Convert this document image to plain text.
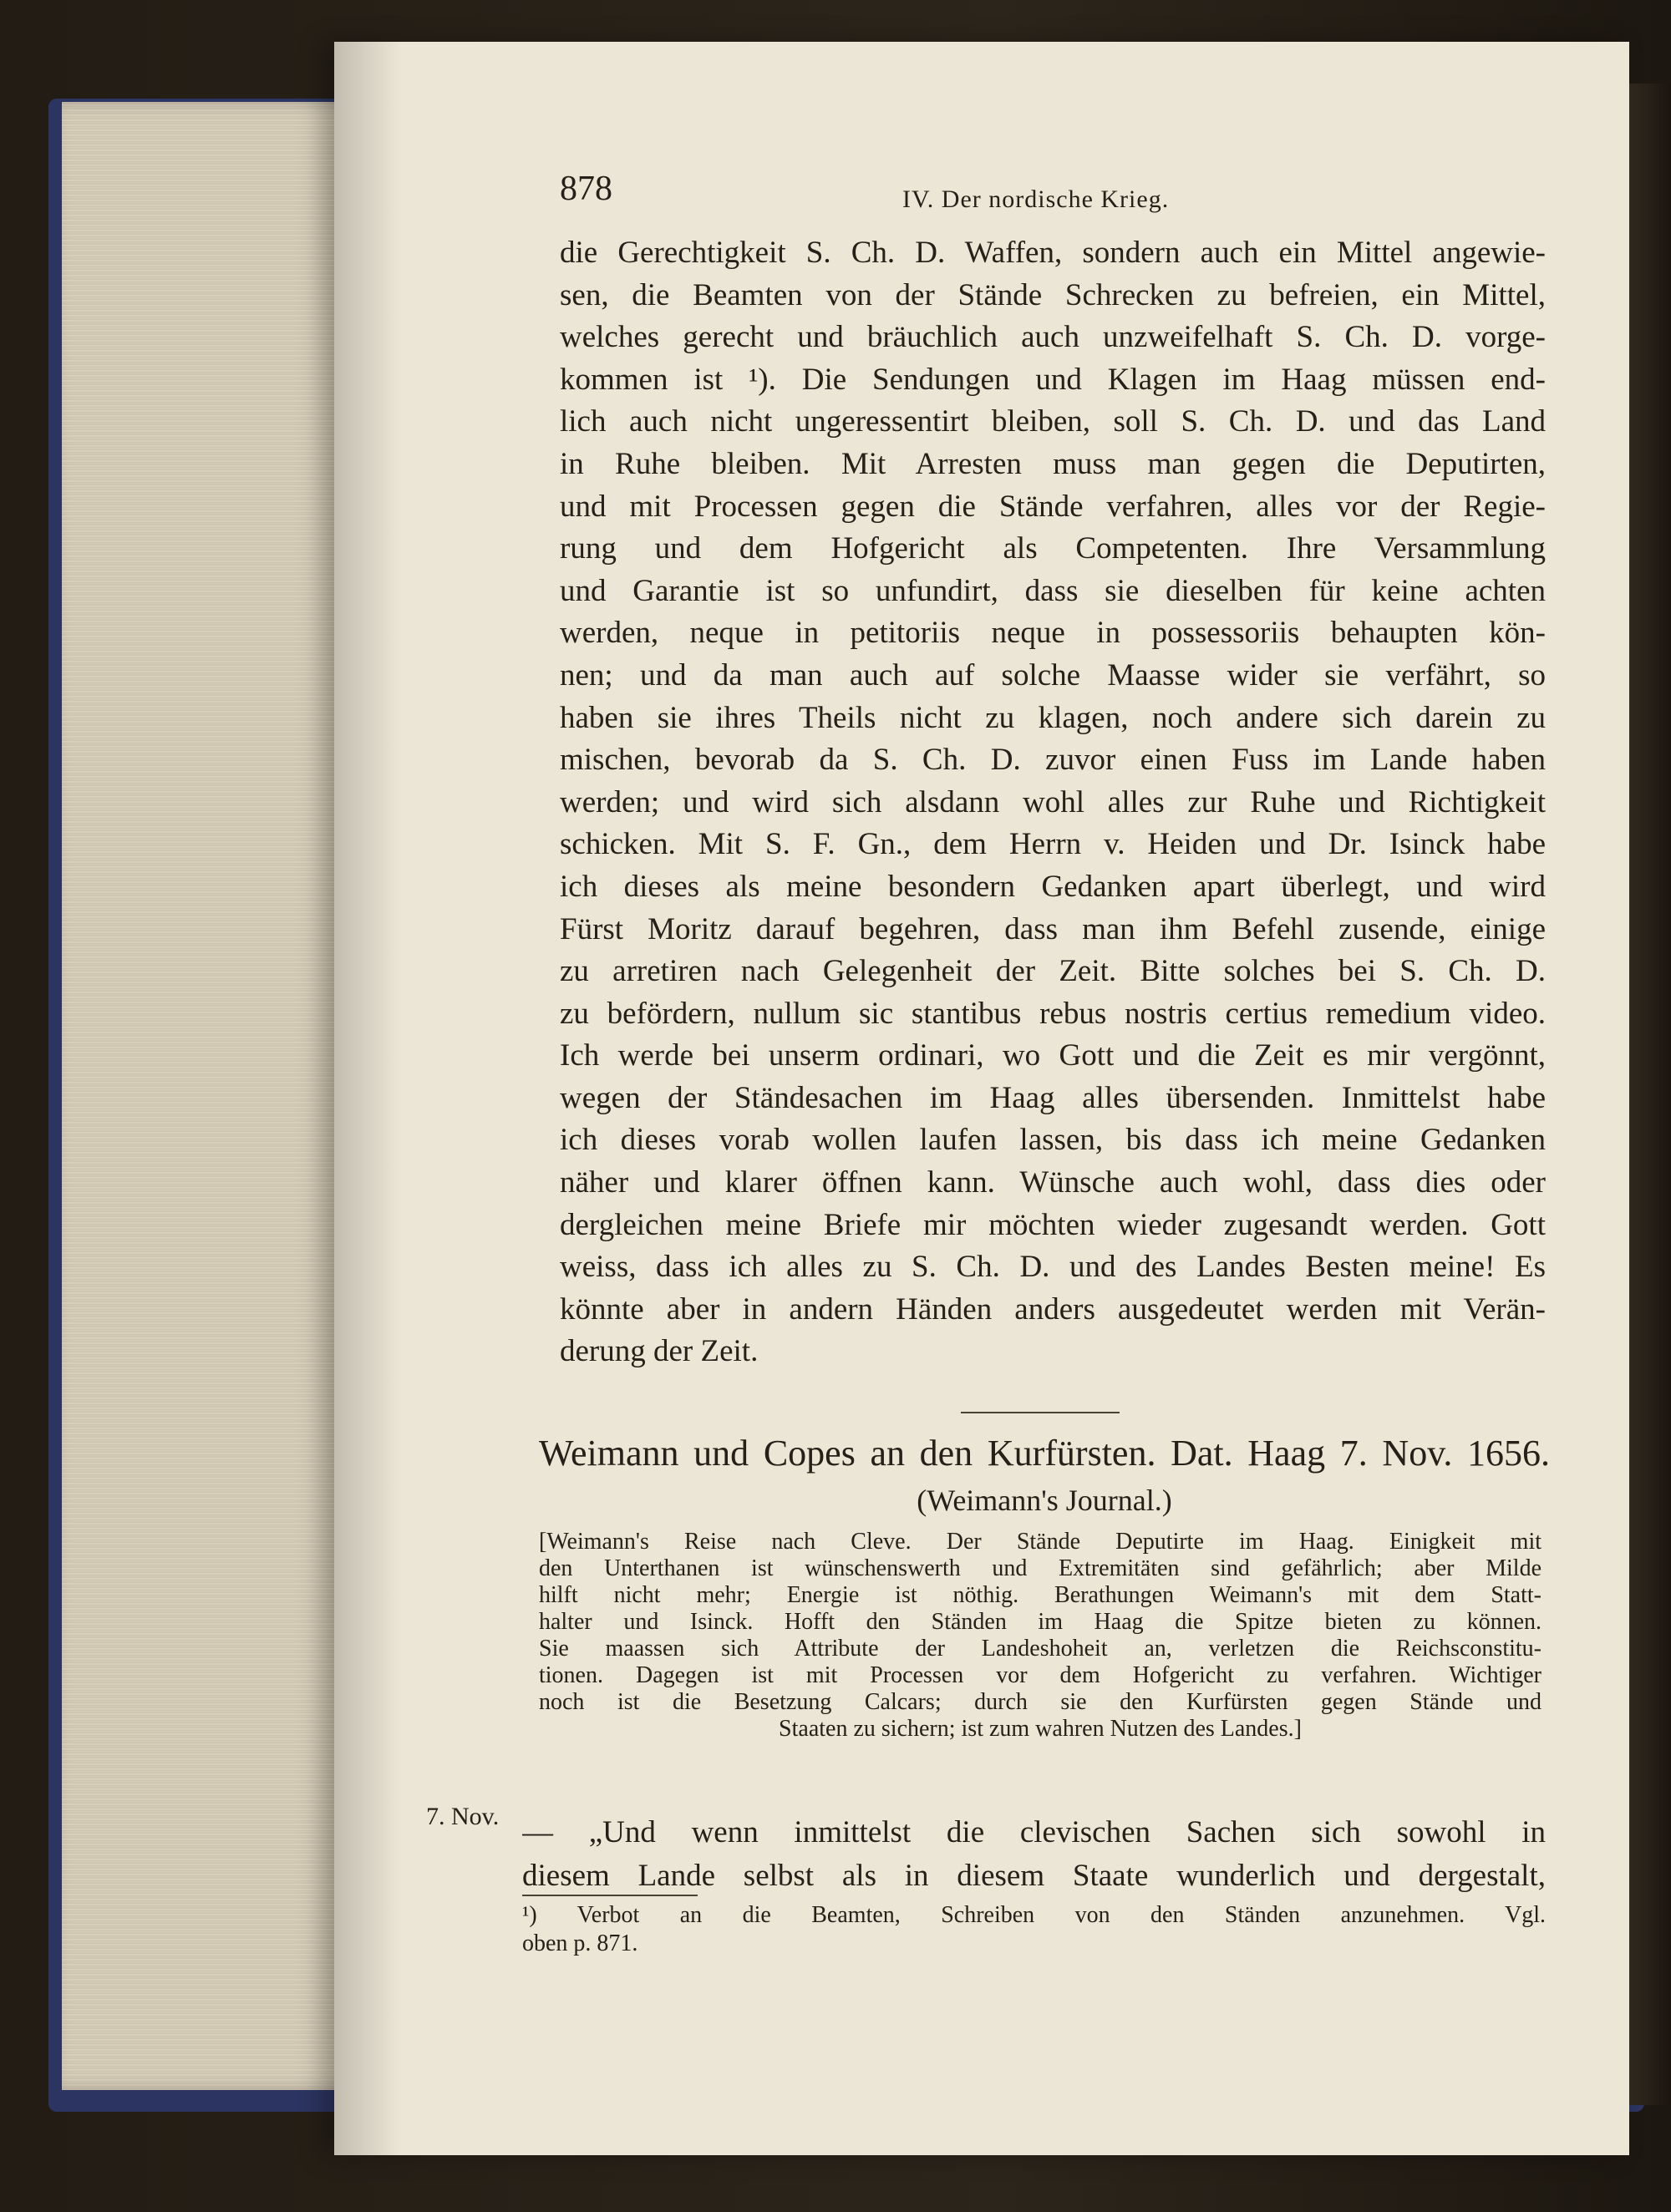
878	IV. Der nordische Krieg.
die Gerechtigkeit S. Ch. D. Waffen, sondern auch ein Mittel angewie-
sen, die Beamten von der Stände Schrecken zu befreien, ein Mittel,
welches gerecht und bräuchlich auch unzweifelhaft S. Ch. D. vorge-
kommen ist ¹). Die Sendungen und Klagen im Haag müssen end-
lich auch nicht ungeressentirt bleiben, soll S. Ch. D. und das Land
in Ruhe bleiben. Mit Arresten muss man gegen die Deputirten,
und mit Processen gegen die Stände verfahren, alles vor der Regie-
rung und dem Hofgericht als Competenten. Ihre Versammlung
und Garantie ist so unfundirt, dass sie dieselben für keine achten
werden, neque in petitoriis neque in possessoriis behaupten kön-
nen; und da man auch auf solche Maasse wider sie verfährt, so
haben sie ihres Theils nicht zu klagen, noch andere sich darein zu
mischen, bevorab da S. Ch. D. zuvor einen Fuss im Lande haben
werden; und wird sich alsdann wohl alles zur Ruhe und Richtigkeit
schicken. Mit S. F. Gn., dem Herrn v. Heiden und Dr. Isinck habe
ich dieses als meine besondern Gedanken apart überlegt, und wird
Fürst Moritz darauf begehren, dass man ihm Befehl zusende, einige
zu arretiren nach Gelegenheit der Zeit. Bitte solches bei S. Ch. D.
zu befördern, nullum sic stantibus rebus nostris certius remedium video.
Ich werde bei unserm ordinari, wo Gott und die Zeit es mir vergönnt,
wegen der Ständesachen im Haag alles übersenden. Inmittelst habe
ich dieses vorab wollen laufen lassen, bis dass ich meine Gedanken
näher und klarer öffnen kann. Wünsche auch wohl, dass dies oder
dergleichen meine Briefe mir möchten wieder zugesandt werden. Gott
weiss, dass ich alles zu S. Ch. D. und des Landes Besten meine! Es
könnte aber in andern Händen anders ausgedeutet werden mit Verän-
derung der Zeit.
Weimann und Copes an den Kurfürsten. Dat. Haag 7. Nov. 1656.
(Weimann's Journal.)
[Weimann's Reise nach Cleve. Der Stände Deputirte im Haag. Einigkeit mit
den Unterthanen ist wünschenswerth und Extremitäten sind gefährlich; aber Milde
hilft nicht mehr; Energie ist nöthig. Berathungen Weimann's mit dem Statt-
halter und Isinck. Hofft den Ständen im Haag die Spitze bieten zu können.
Sie maassen sich Attribute der Landeshoheit an, verletzen die Reichsconstitu-
tionen. Dagegen ist mit Processen vor dem Hofgericht zu verfahren. Wichtiger
noch ist die Besetzung Calcars; durch sie den Kurfürsten gegen Stände und
Staaten zu sichern; ist zum wahren Nutzen des Landes.]
7. Nov. — „Und wenn inmittelst die clevischen Sachen sich sowohl in
diesem Lande selbst als in diesem Staate wunderlich und dergestalt,
¹) Verbot an die Beamten, Schreiben von den Ständen anzunehmen. Vgl.
oben p. 871.
